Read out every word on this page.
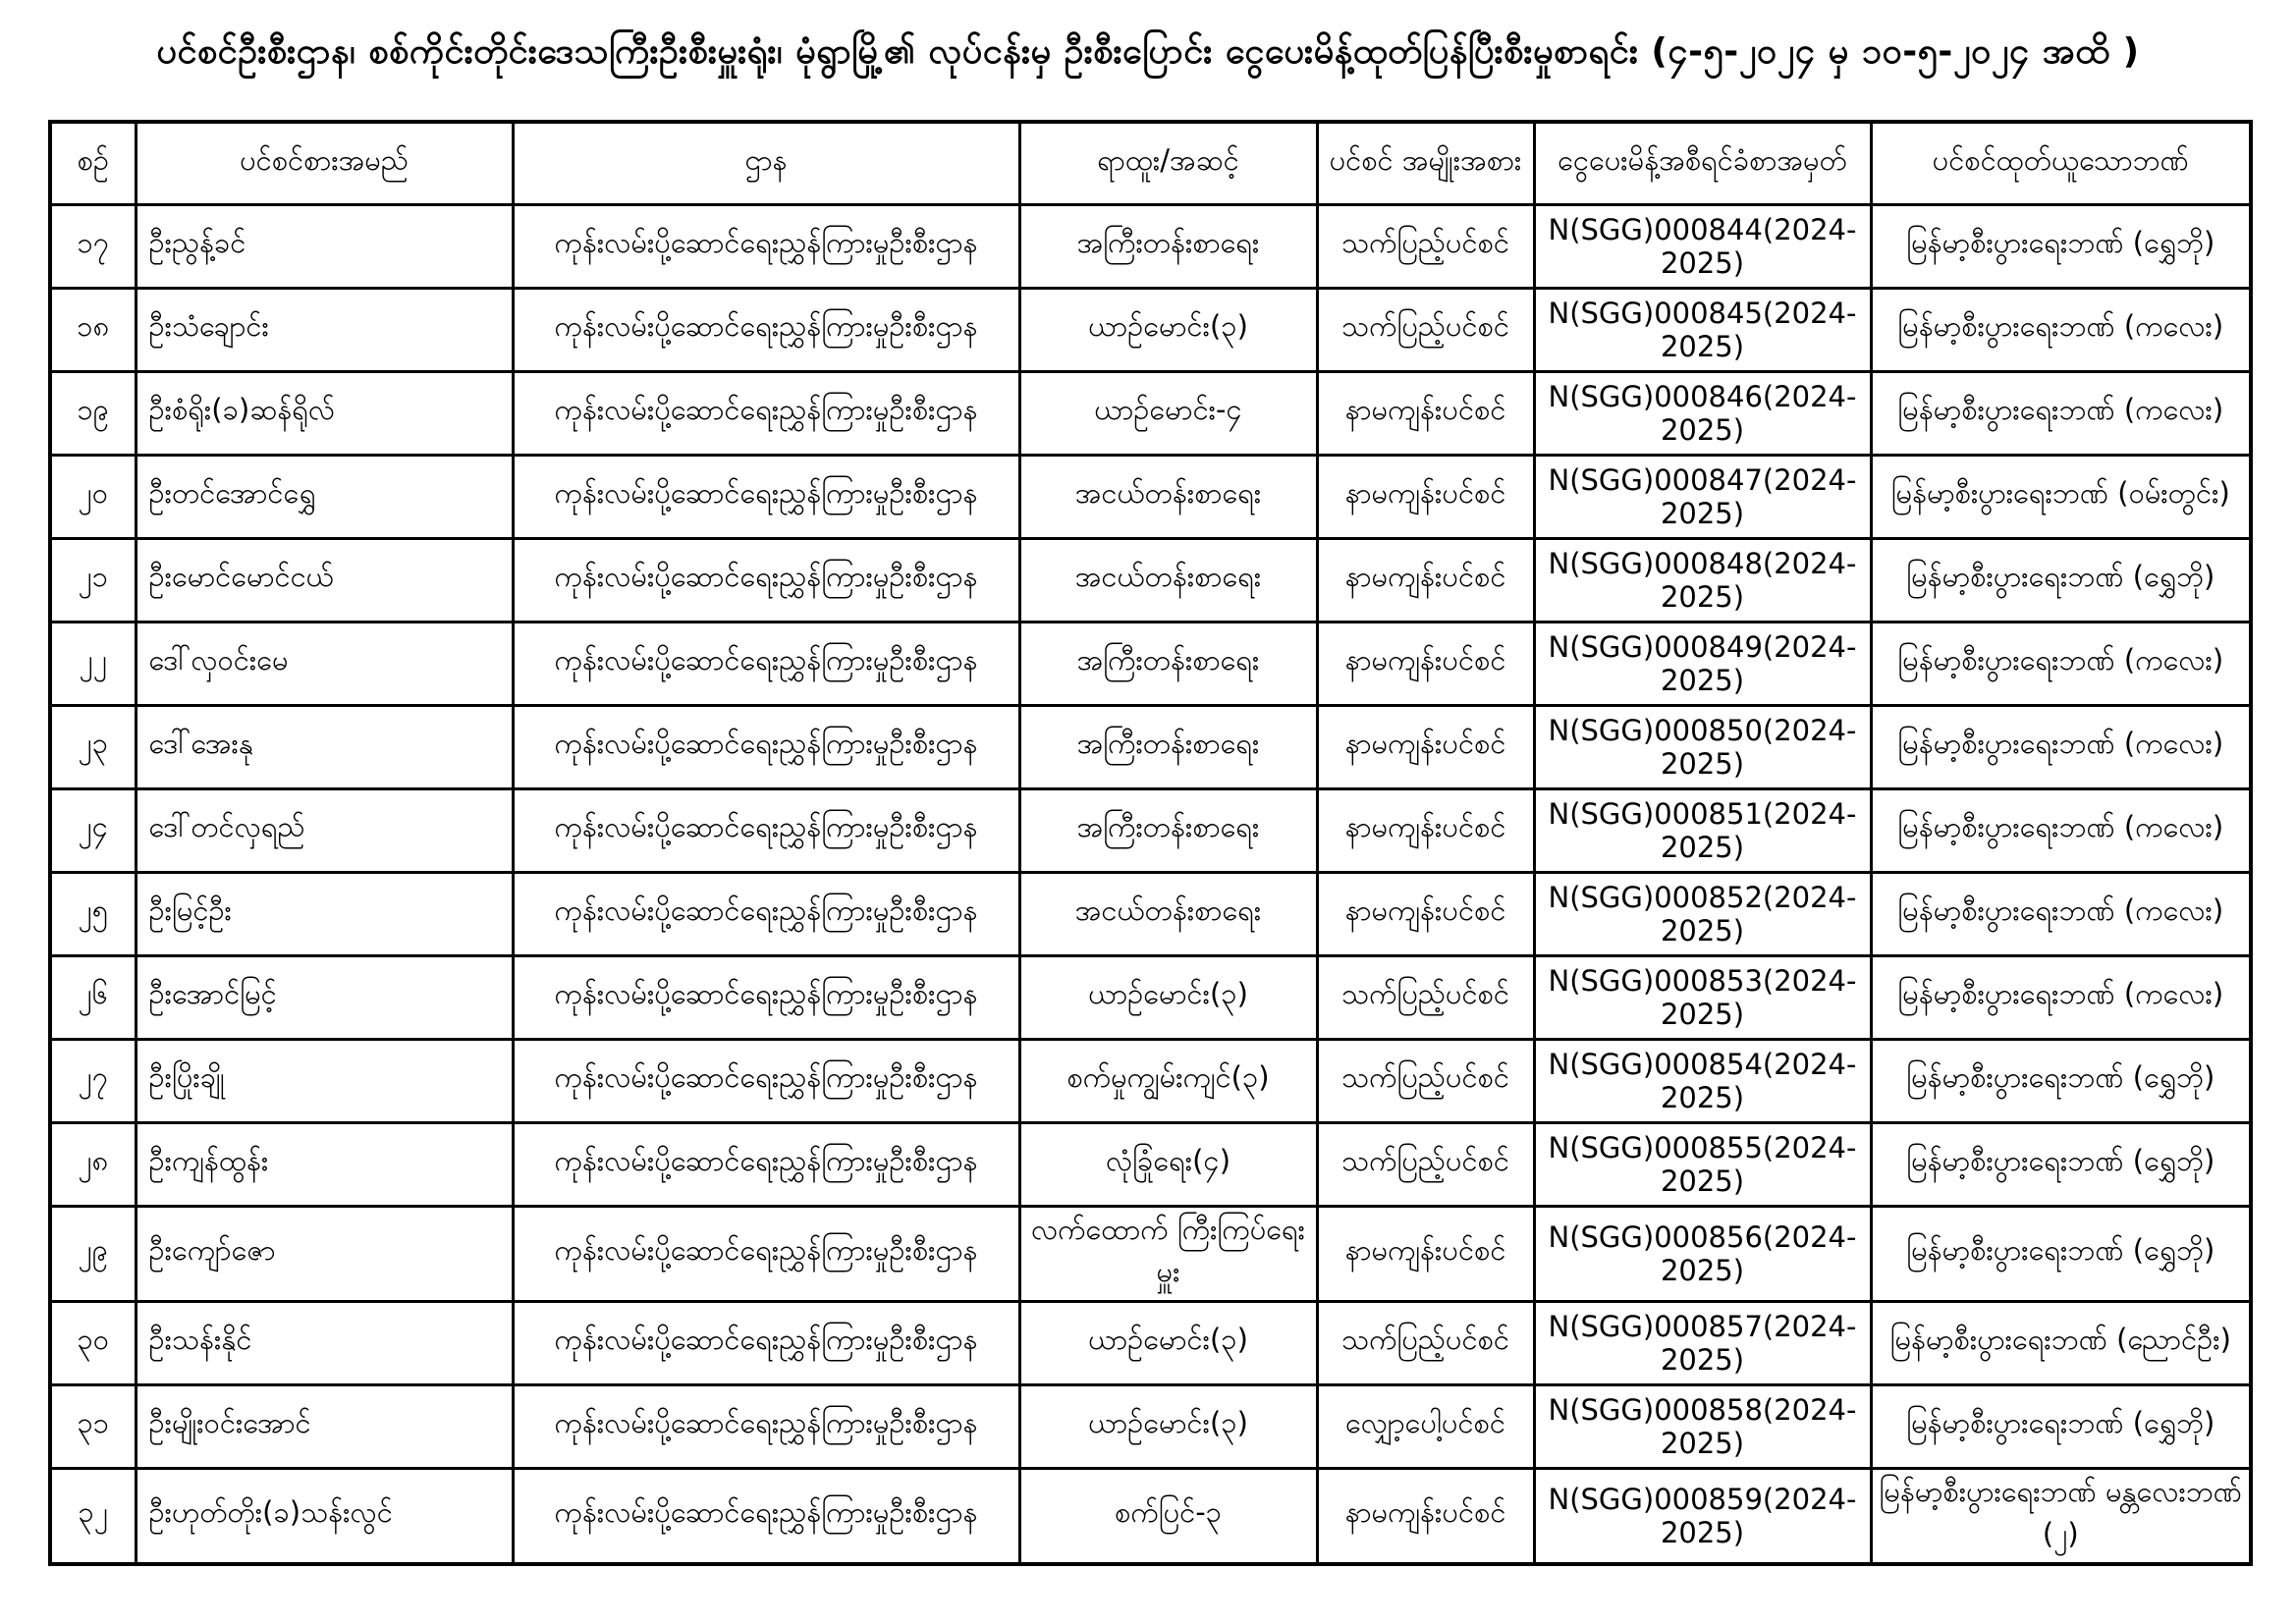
ပင်စင်ဦးစီးဌာန၊ စစ်ကိုင်းတိုင်းဒေသကြီးဦးစီးမှူးရုံး၊ မုံရွာမြို့၏ လုပ်ငန်းမှ ဦးစီးပြောင်း ငွေပေးမိန့်ထုတ်ပြန်ပြီးစီးမှုစာရင်း (၄-၅-၂၀၂၄ မှ ၁၀-၅-၂၀၂၄ အထိ )
စဉ်	ပင်စင်စားအမည်	ဌာန	ရာထူး/အဆင့်	ပင်စင် အမျိုးအစား	ငွေပေးမိန့်အစီရင်ခံစာအမှတ်	ပင်စင်ထုတ်ယူသောဘဏ်
၁၇	ဦးညွန့်ခင်	ကုန်းလမ်းပို့ဆောင်ရေးညွှန်ကြားမှုဦးစီးဌာန	အကြီးတန်းစာရေး	သက်ပြည့်ပင်စင်	N(SGG)000844(2024-2025)	မြန်မာ့စီးပွားရေးဘဏ် (ရွှေဘို)
၁၈	ဦးသံချောင်း	ကုန်းလမ်းပို့ဆောင်ရေးညွှန်ကြားမှုဦးစီးဌာန	ယာဉ်မောင်း(၃)	သက်ပြည့်ပင်စင်	N(SGG)000845(2024-2025)	မြန်မာ့စီးပွားရေးဘဏ် (ကလေး)
၁၉	ဦးစံရိုး(ခ)ဆန်ရိုလ်	ကုန်းလမ်းပို့ဆောင်ရေးညွှန်ကြားမှုဦးစီးဌာန	ယာဉ်မောင်း-၄	နာမကျန်းပင်စင်	N(SGG)000846(2024-2025)	မြန်မာ့စီးပွားရေးဘဏ် (ကလေး)
၂၀	ဦးတင်အောင်ရွှေ	ကုန်းလမ်းပို့ဆောင်ရေးညွှန်ကြားမှုဦးစီးဌာန	အငယ်တန်းစာရေး	နာမကျန်းပင်စင်	N(SGG)000847(2024-2025)	မြန်မာ့စီးပွားရေးဘဏ် (ဝမ်းတွင်း)
၂၁	ဦးမောင်မောင်ငယ်	ကုန်းလမ်းပို့ဆောင်ရေးညွှန်ကြားမှုဦးစီးဌာန	အငယ်တန်းစာရေး	နာမကျန်းပင်စင်	N(SGG)000848(2024-2025)	မြန်မာ့စီးပွားရေးဘဏ် (ရွှေဘို)
၂၂	ဒေါ်လှဝင်းမေ	ကုန်းလမ်းပို့ဆောင်ရေးညွှန်ကြားမှုဦးစီးဌာန	အကြီးတန်းစာရေး	နာမကျန်းပင်စင်	N(SGG)000849(2024-2025)	မြန်မာ့စီးပွားရေးဘဏ် (ကလေး)
၂၃	ဒေါ်အေးနု	ကုန်းလမ်းပို့ဆောင်ရေးညွှန်ကြားမှုဦးစီးဌာန	အကြီးတန်းစာရေး	နာမကျန်းပင်စင်	N(SGG)000850(2024-2025)	မြန်မာ့စီးပွားရေးဘဏ် (ကလေး)
၂၄	ဒေါ်တင်လှရည်	ကုန်းလမ်းပို့ဆောင်ရေးညွှန်ကြားမှုဦးစီးဌာန	အကြီးတန်းစာရေး	နာမကျန်းပင်စင်	N(SGG)000851(2024-2025)	မြန်မာ့စီးပွားရေးဘဏ် (ကလေး)
၂၅	ဦးမြင့်ဦး	ကုန်းလမ်းပို့ဆောင်ရေးညွှန်ကြားမှုဦးစီးဌာန	အငယ်တန်းစာရေး	နာမကျန်းပင်စင်	N(SGG)000852(2024-2025)	မြန်မာ့စီးပွားရေးဘဏ် (ကလေး)
၂၆	ဦးအောင်မြင့်	ကုန်းလမ်းပို့ဆောင်ရေးညွှန်ကြားမှုဦးစီးဌာန	ယာဉ်မောင်း(၃)	သက်ပြည့်ပင်စင်	N(SGG)000853(2024-2025)	မြန်မာ့စီးပွားရေးဘဏ် (ကလေး)
၂၇	ဦးပြိုးချို	ကုန်းလမ်းပို့ဆောင်ရေးညွှန်ကြားမှုဦးစီးဌာန	စက်မှုကျွမ်းကျင်(၃)	သက်ပြည့်ပင်စင်	N(SGG)000854(2024-2025)	မြန်မာ့စီးပွားရေးဘဏ် (ရွှေဘို)
၂၈	ဦးကျန်ထွန်း	ကုန်းလမ်းပို့ဆောင်ရေးညွှန်ကြားမှုဦးစီးဌာန	လုံခြုံရေး(၄)	သက်ပြည့်ပင်စင်	N(SGG)000855(2024-2025)	မြန်မာ့စီးပွားရေးဘဏ် (ရွှေဘို)
၂၉	ဦးကျော်ဇော	ကုန်းလမ်းပို့ဆောင်ရေးညွှန်ကြားမှုဦးစီးဌာန	လက်ထောက် ကြီးကြပ်ရေးမှူး	နာမကျန်းပင်စင်	N(SGG)000856(2024-2025)	မြန်မာ့စီးပွားရေးဘဏ် (ရွှေဘို)
၃၀	ဦးသန်းနိုင်	ကုန်းလမ်းပို့ဆောင်ရေးညွှန်ကြားမှုဦးစီးဌာန	ယာဉ်မောင်း(၃)	သက်ပြည့်ပင်စင်	N(SGG)000857(2024-2025)	မြန်မာ့စီးပွားရေးဘဏ် (ညောင်ဦး)
၃၁	ဦးမျိုးဝင်းအောင်	ကုန်းလမ်းပို့ဆောင်ရေးညွှန်ကြားမှုဦးစီးဌာန	ယာဉ်မောင်း(၃)	လျှော့ပေါ့ပင်စင်	N(SGG)000858(2024-2025)	မြန်မာ့စီးပွားရေးဘဏ် (ရွှေဘို)
၃၂	ဦးဟုတ်တိုး(ခ)သန်းလွင်	ကုန်းလမ်းပို့ဆောင်ရေးညွှန်ကြားမှုဦးစီးဌာန	စက်ပြင်-၃	နာမကျန်းပင်စင်	N(SGG)000859(2024-2025)	မြန်မာ့စီးပွားရေးဘဏ် မန္တလေးဘဏ် (၂)
